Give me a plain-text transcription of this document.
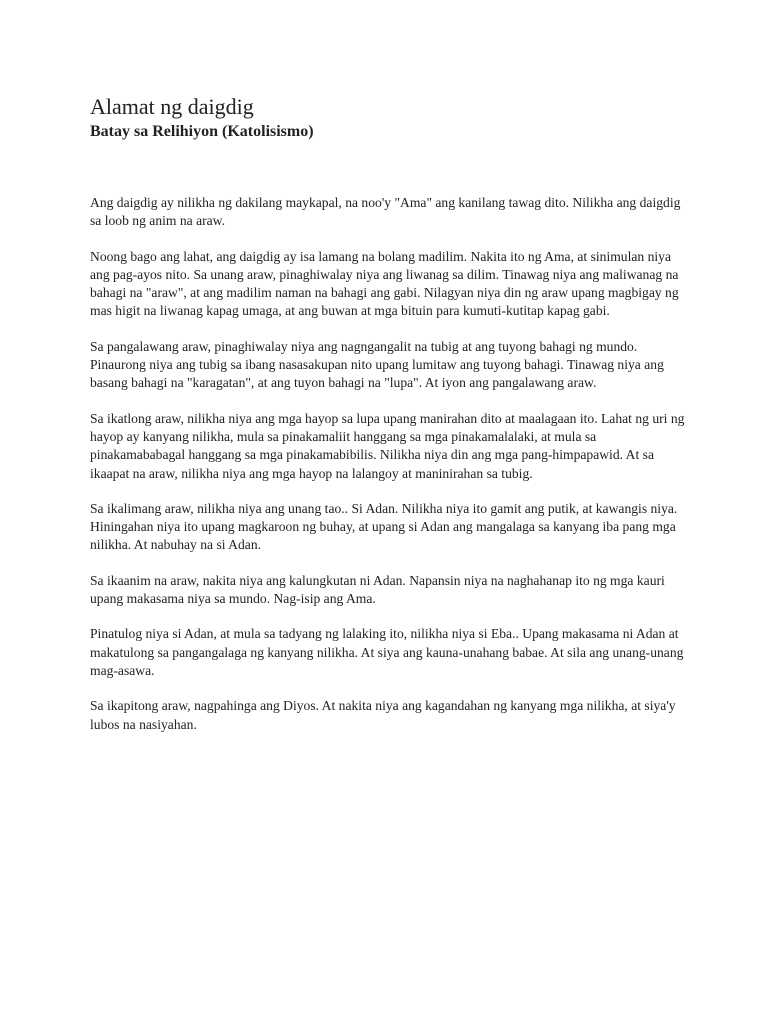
Alamat ng daigdig
Batay sa Relihiyon (Katolisismo)

Ang daigdig ay nilikha ng dakilang maykapal, na noo'y "Ama" ang kanilang tawag dito. Nilikha ang daigdig sa loob ng anim na araw.

Noong bago ang lahat, ang daigdig ay isa lamang na bolang madilim. Nakita ito ng Ama, at sinimulan niya ang pag-ayos nito. Sa unang araw, pinaghiwalay niya ang liwanag sa dilim. Tinawag niya ang maliwanag na bahagi na "araw", at ang madilim naman na bahagi ang gabi. Nilagyan niya din ng araw upang magbigay ng mas higit na liwanag kapag umaga, at ang buwan at mga bituin para kumuti-kutitap kapag gabi.

Sa pangalawang araw, pinaghiwalay niya ang nagngangalit na tubig at ang tuyong bahagi ng mundo. Pinaurong niya ang tubig sa ibang nasasakupan nito upang lumitaw ang tuyong bahagi. Tinawag niya ang basang bahagi na "karagatan", at ang tuyon bahagi na "lupa". At iyon ang pangalawang araw.

Sa ikatlong araw, nilikha niya ang mga hayop sa lupa upang manirahan dito at maalagaan ito. Lahat ng uri ng hayop ay kanyang nilikha, mula sa pinakamaliit hanggang sa mga pinakamalalaki, at mula sa pinakamababagal hanggang sa mga pinakamabibilis. Nilikha niya din ang mga pang-himpapawid. At sa ikaapat na araw, nilikha niya ang mga hayop na lalangoy at maninirahan sa tubig.

Sa ikalimang araw, nilikha niya ang unang tao.. Si Adan. Nilikha niya ito gamit ang putik, at kawangis niya. Hiningahan niya ito upang magkaroon ng buhay, at upang si Adan ang mangalaga sa kanyang iba pang mga nilikha. At nabuhay na si Adan.

Sa ikaanim na araw, nakita niya ang kalungkutan ni Adan. Napansin niya na naghahanap ito ng mga kauri upang makasama niya sa mundo. Nag-isip ang Ama.

Pinatulog niya si Adan, at mula sa tadyang ng lalaking ito, nilikha niya si Eba.. Upang makasama ni Adan at makatulong sa pangangalaga ng kanyang nilikha. At siya ang kauna-unahang babae. At sila ang unang-unang mag-asawa.

Sa ikapitong araw, nagpahinga ang Diyos. At nakita niya ang kagandahan ng kanyang mga nilikha, at siya'y lubos na nasiyahan.
